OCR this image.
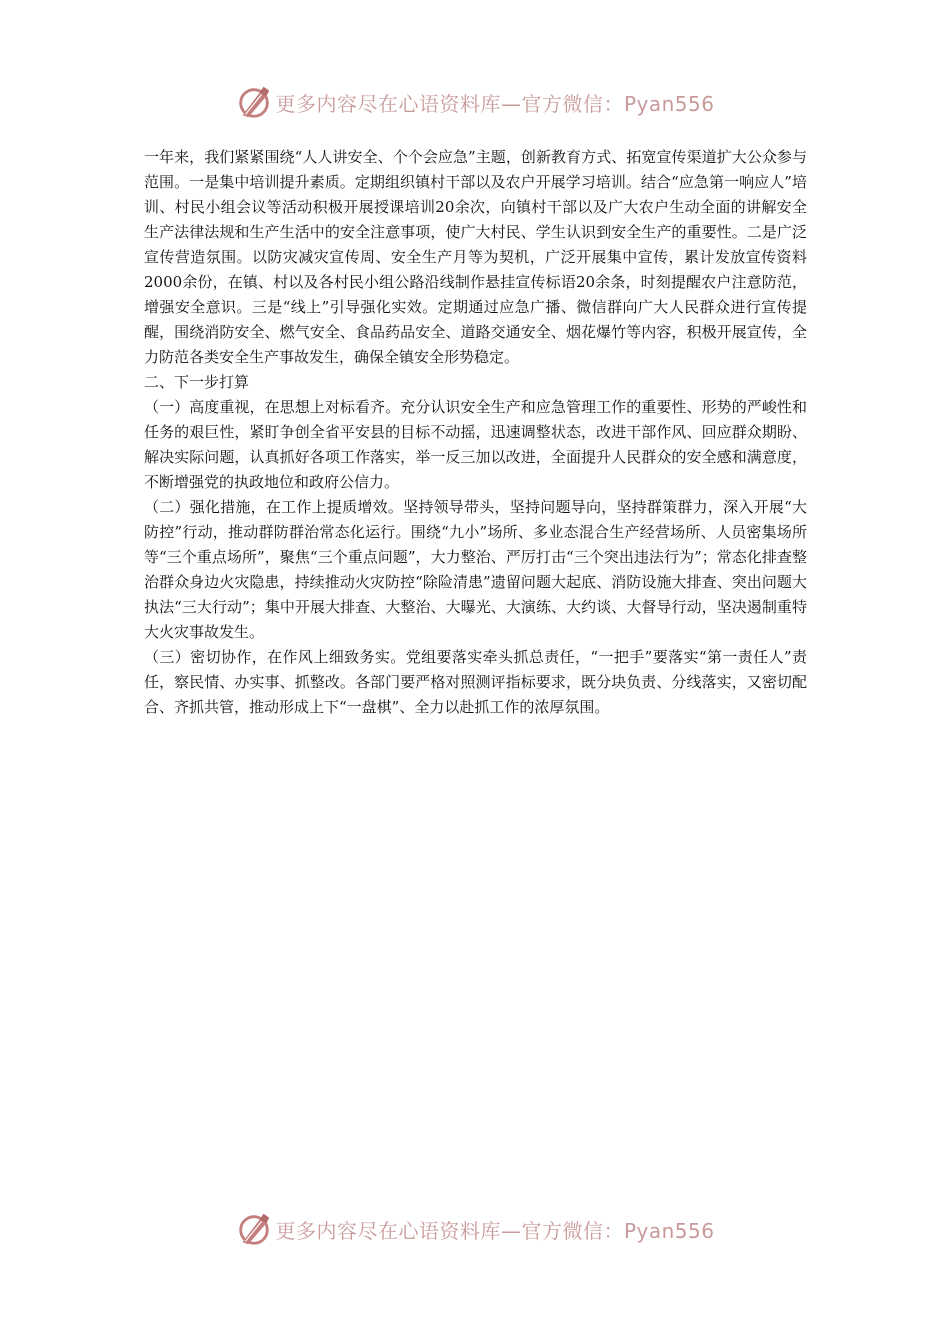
更多内容尽在心语资料库—官方微信：Pyan556

一年来，我们紧紧围绕“人人讲安全、个个会应急”主题，创新教育方式、拓宽宣传渠道扩大公众参与范围。一是集中培训提升素质。定期组织镇村干部以及农户开展学习培训。结合“应急第一响应人”培训、村民小组会议等活动积极开展授课培训20余次，向镇村干部以及广大农户生动全面的讲解安全生产法律法规和生产生活中的安全注意事项，使广大村民、学生认识到安全生产的重要性。二是广泛宣传营造氛围。以防灾减灾宣传周、安全生产月等为契机，广泛开展集中宣传，累计发放宣传资料2000余份，在镇、村以及各村民小组公路沿线制作悬挂宣传标语20余条，时刻提醒农户注意防范，增强安全意识。三是“线上”引导强化实效。定期通过应急广播、微信群向广大人民群众进行宣传提醒，围绕消防安全、燃气安全、食品药品安全、道路交通安全、烟花爆竹等内容，积极开展宣传，全力防范各类安全生产事故发生，确保全镇安全形势稳定。

二、下一步打算

（一）高度重视，在思想上对标看齐。充分认识安全生产和应急管理工作的重要性、形势的严峻性和任务的艰巨性，紧盯争创全省平安县的目标不动摇，迅速调整状态，改进干部作风、回应群众期盼、解决实际问题，认真抓好各项工作落实，举一反三加以改进，全面提升人民群众的安全感和满意度，不断增强党的执政地位和政府公信力。

（二）强化措施，在工作上提质增效。坚持领导带头，坚持问题导向，坚持群策群力，深入开展“大防控”行动，推动群防群治常态化运行。围绕“九小”场所、多业态混合生产经营场所、人员密集场所等“三个重点场所”，聚焦“三个重点问题”，大力整治、严厉打击“三个突出违法行为”；常态化排查整治群众身边火灾隐患，持续推动火灾防控“除险清患”遗留问题大起底、消防设施大排查、突出问题大执法“三大行动”；集中开展大排查、大整治、大曝光、大演练、大约谈、大督导行动，坚决遏制重特大火灾事故发生。

（三）密切协作，在作风上细致务实。党组要落实牵头抓总责任，“一把手”要落实“第一责任人”责任，察民情、办实事、抓整改。各部门要严格对照测评指标要求，既分块负责、分线落实，又密切配合、齐抓共管，推动形成上下“一盘棋”、全力以赴抓工作的浓厚氛围。

更多内容尽在心语资料库—官方微信：Pyan556
